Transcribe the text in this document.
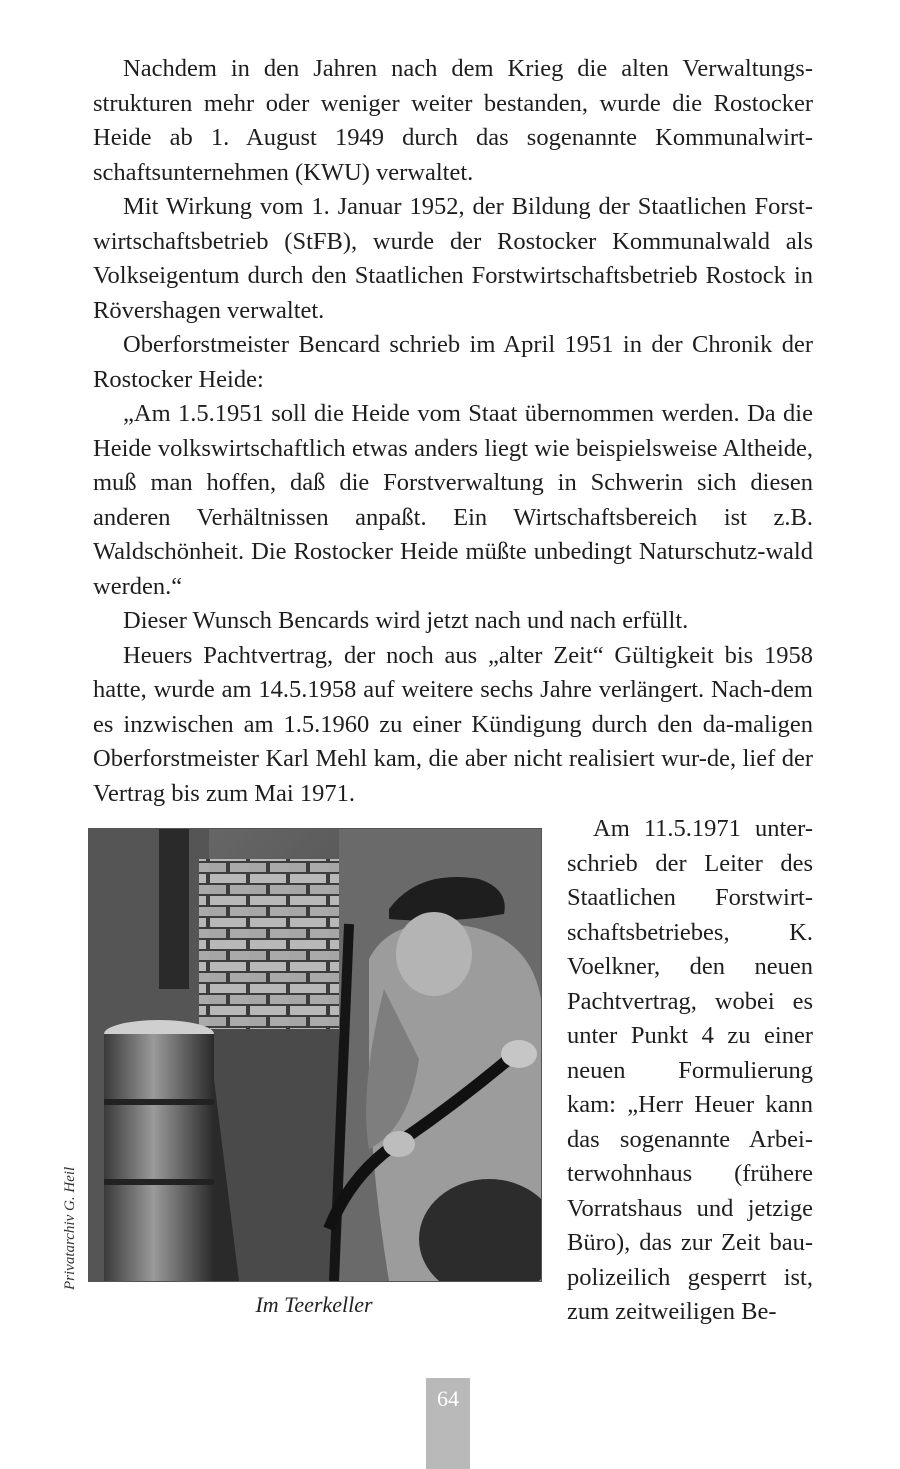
Nachdem in den Jahren nach dem Krieg die alten Verwaltungs-strukturen mehr oder weniger weiter bestanden, wurde die Rostocker Heide ab 1. August 1949 durch das sogenannte Kommunalwirt-schaftsunternehmen (KWU) verwaltet.

Mit Wirkung vom 1. Januar 1952, der Bildung der Staatlichen Forst-wirtschaftsbetrieb (StFB), wurde der Rostocker Kommunalwald als Volkseigentum durch den Staatlichen Forstwirtschaftsbetrieb Rostock in Rövershagen verwaltet.

Oberforstmeister Bencard schrieb im April 1951 in der Chronik der Rostocker Heide:

„Am 1.5.1951 soll die Heide vom Staat übernommen werden. Da die Heide volkswirtschaftlich etwas anders liegt wie beispielsweise Altheide, muß man hoffen, daß die Forstverwaltung in Schwerin sich diesen anderen Verhältnissen anpaßt. Ein Wirtschaftsbereich ist z.B. Waldschönheit. Die Rostocker Heide müßte unbedingt Naturschutz-wald werden.“

Dieser Wunsch Bencards wird jetzt nach und nach erfüllt.

Heuers Pachtvertrag, der noch aus „alter Zeit“ Gültigkeit bis 1958 hatte, wurde am 14.5.1958 auf weitere sechs Jahre verlängert. Nach-dem es inzwischen am 1.5.1960 zu einer Kündigung durch den da-maligen Oberforstmeister Karl Mehl kam, die aber nicht realisiert wur-de, lief der Vertrag bis zum Mai 1971.

Privatarchiv G. Heil
Im Teerkeller

Am 11.5.1971 unter-schrieb der Leiter des Staatlichen Forstwirt-schaftsbetriebes, K. Voelkner, den neuen Pachtvertrag, wobei es unter Punkt 4 zu einer neuen Formulierung kam: „Herr Heuer kann das sogenannte Arbei-terwohnhaus (frühere Vorratshaus und jetzige Büro), das zur Zeit bau-polizeilich gesperrt ist, zum zeitweiligen Be-

64
